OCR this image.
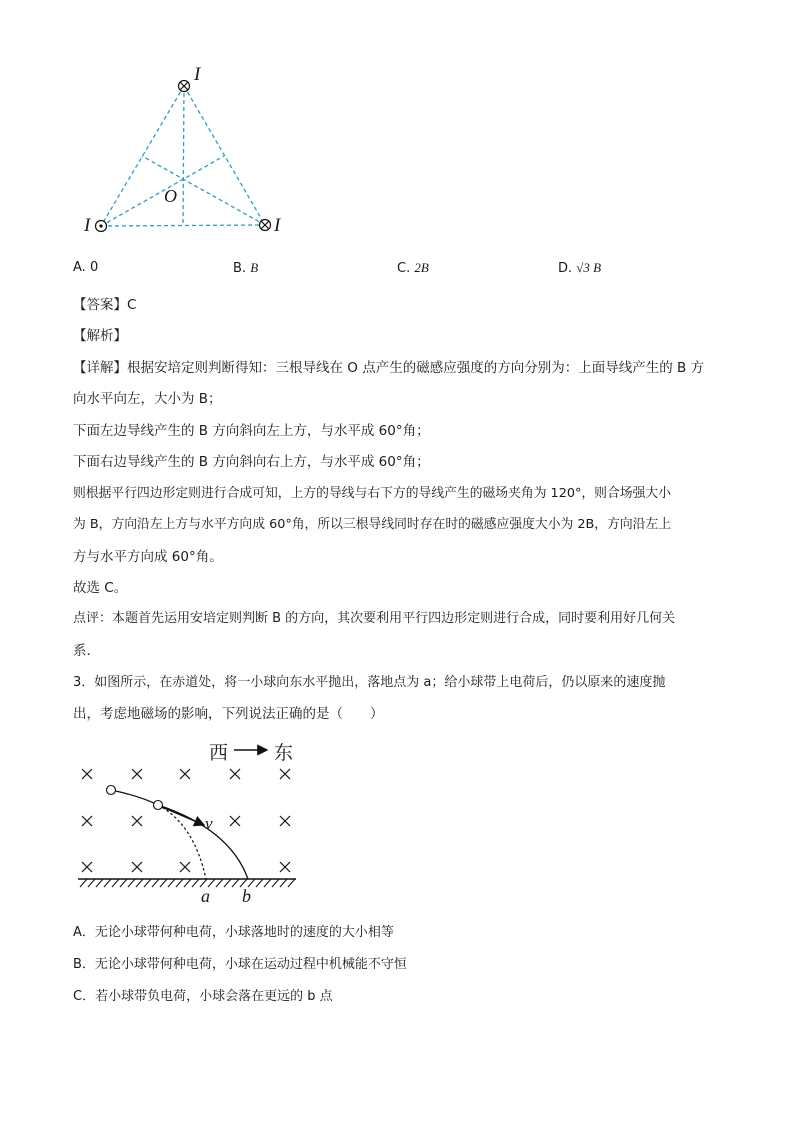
I
I	I
O
A. 0	B. B	C. 2B	D. √3 B
【答案】C
【解析】
【详解】根据安培定则判断得知：三根导线在 O 点产生的磁感应强度的方向分别为：上面导线产生的 B 方
向水平向左，大小为 B；
下面左边导线产生的 B 方向斜向左上方，与水平成 60°角；
下面右边导线产生的 B 方向斜向右上方，与水平成 60°角；
则根据平行四边形定则进行合成可知，上方的导线与右下方的导线产生的磁场夹角为 120°，则合场强大小
为 B，方向沿左上方与水平方向成 60°角，所以三根导线同时存在时的磁感应强度大小为 2B，方向沿左上
方与水平方向成 60°角。
故选 C。
点评：本题首先运用安培定则判断 B 的方向，其次要利用平行四边形定则进行合成，同时要利用好几何关
系．
3．如图所示，在赤道处，将一小球向东水平抛出，落地点为 a；给小球带上电荷后，仍以原来的速度抛
出，考虑地磁场的影响，下列说法正确的是（　　）
西 东
v
a b
A．无论小球带何种电荷，小球落地时的速度的大小相等
B．无论小球带何种电荷，小球在运动过程中机械能不守恒
C．若小球带负电荷，小球会落在更远的 b 点
